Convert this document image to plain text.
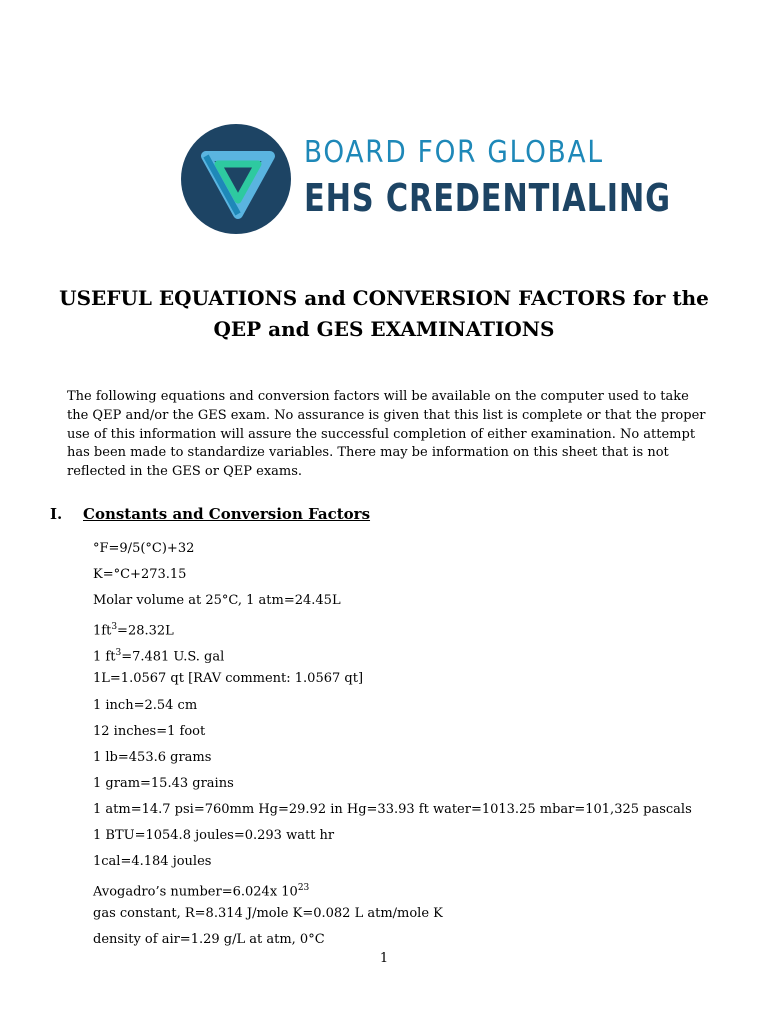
BOARD FOR GLOBAL
EHS CREDENTIALING
USEFUL EQUATIONS and CONVERSION FACTORS for the
QEP and GES EXAMINATIONS
The following equations and conversion factors will be available on the computer used to take the QEP and/or the GES exam. No assurance is given that this list is complete or that the proper use of this information will assure the successful completion of either examination. No attempt has been made to standardize variables. There may be information on this sheet that is not reflected in the GES or QEP exams.
I. Constants and Conversion Factors
°F=9/5(°C)+32
K=°C+273.15
Molar volume at 25°C, 1 atm=24.45L
$1ft^3=28.32L$
1 $ft^3=7.481$ U.S. gal
1L=1.0567 qt [RAV comment: 1.0567 qt]
1 inch=2.54 cm
12 inches=1 foot
1 lb=453.6 grams
1 gram=15.43 grains
1 atm=14.7 psi=760mm Hg=29.92 in Hg=33.93 ft water=1013.25 mbar=101,325 pascals
1 BTU=1054.8 joules=0.293 watt hr
1cal=4.184 joules
Avogadro’s number=6.024x $10^{23}$
gas constant, R=8.314 J/mole K=0.082 L atm/mole K
density of air=1.29 g/L at atm, 0°C
1
